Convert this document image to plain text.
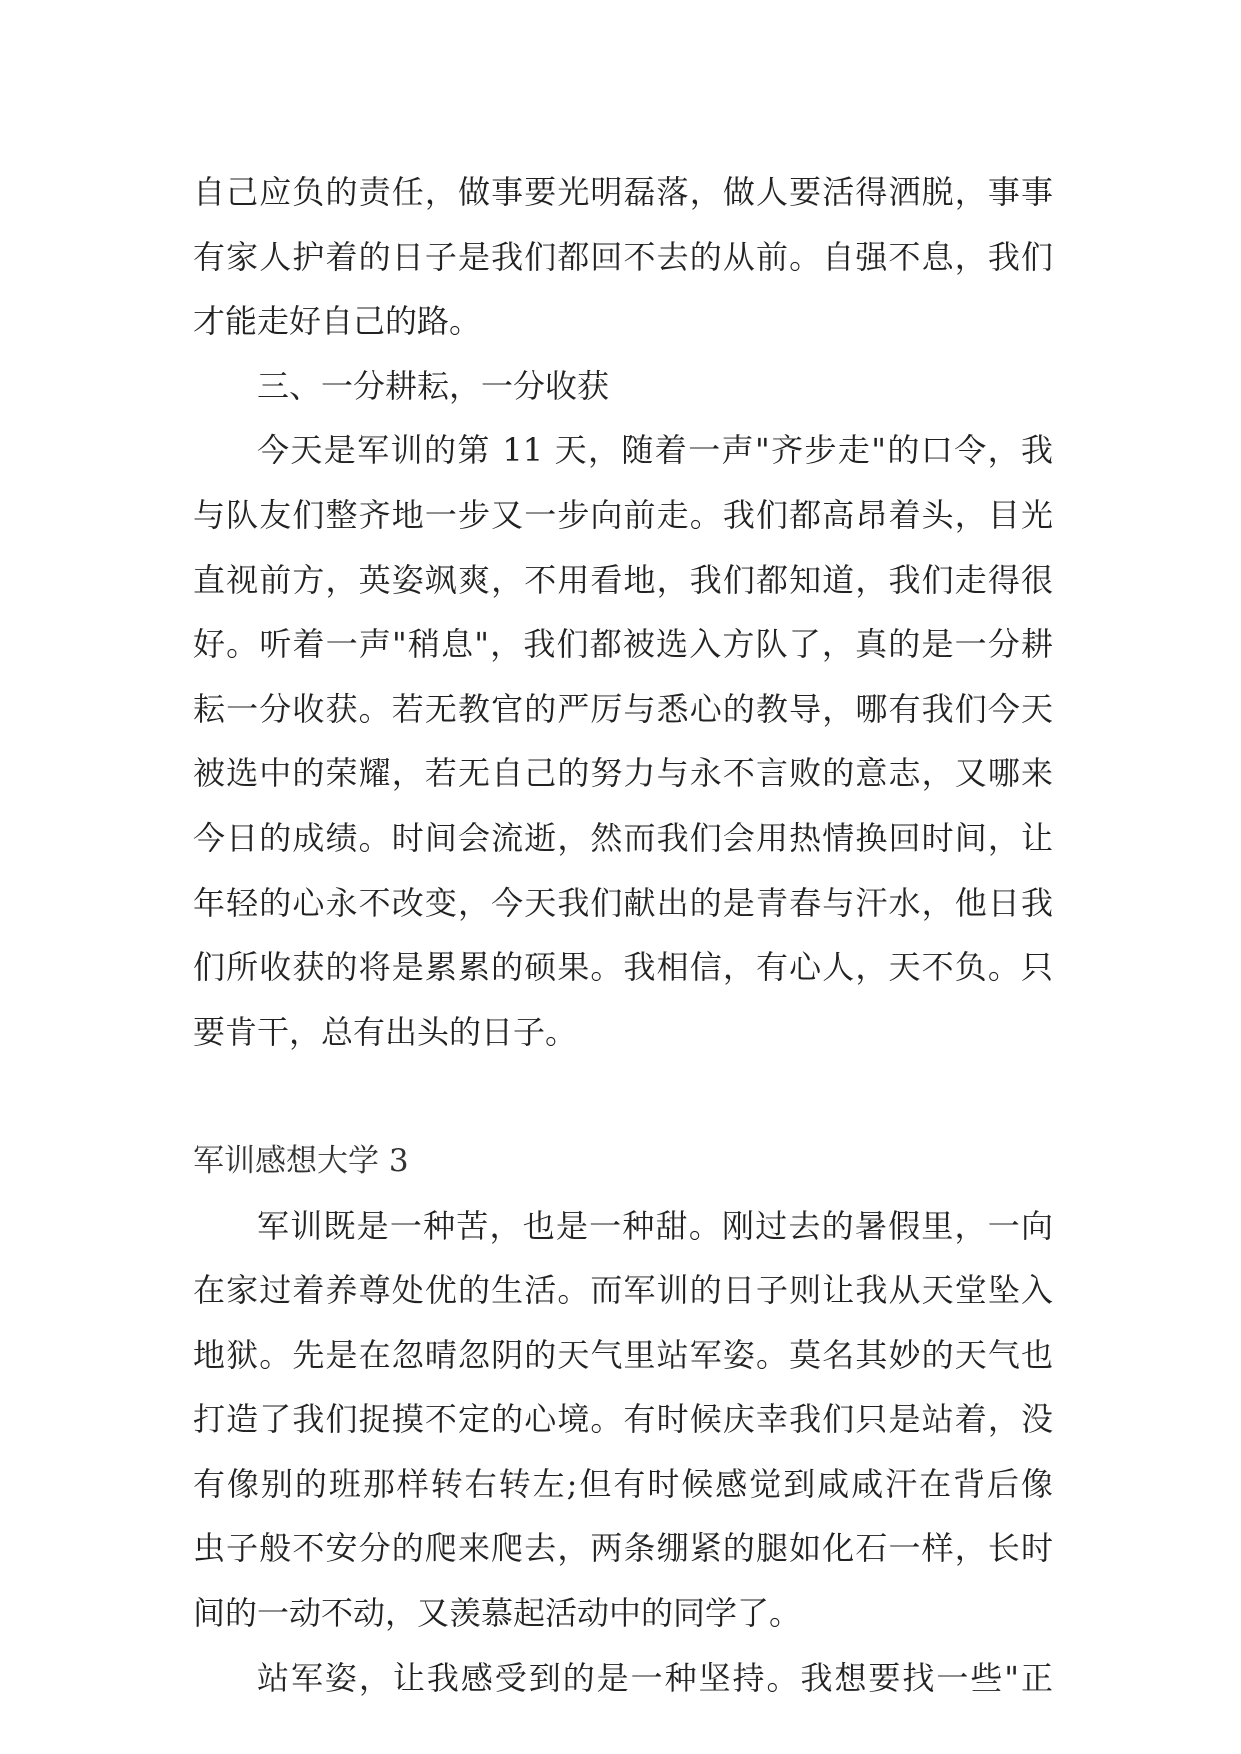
自己应负的责任，做事要光明磊落，做人要活得洒脱，事事
有家人护着的日子是我们都回不去的从前。自强不息，我们
才能走好自己的路。
三、一分耕耘，一分收获
今天是军训的第 11 天，随着一声"齐步走"的口令，我
与队友们整齐地一步又一步向前走。我们都高昂着头，目光
直视前方，英姿飒爽，不用看地，我们都知道，我们走得很
好。听着一声"稍息"，我们都被选入方队了，真的是一分耕
耘一分收获。若无教官的严厉与悉心的教导，哪有我们今天
被选中的荣耀，若无自己的努力与永不言败的意志，又哪来
今日的成绩。时间会流逝，然而我们会用热情换回时间，让
年轻的心永不改变，今天我们献出的是青春与汗水，他日我
们所收获的将是累累的硕果。我相信，有心人，天不负。只
要肯干，总有出头的日子。
军训感想大学 3
军训既是一种苦，也是一种甜。刚过去的暑假里，一向
在家过着养尊处优的生活。而军训的日子则让我从天堂坠入
地狱。先是在忽晴忽阴的天气里站军姿。莫名其妙的天气也
打造了我们捉摸不定的心境。有时候庆幸我们只是站着，没
有像别的班那样转右转左;但有时候感觉到咸咸汗在背后像
虫子般不安分的爬来爬去，两条绷紧的腿如化石一样，长时
间的一动不动，又羡慕起活动中的同学了。
站军姿，让我感受到的是一种坚持。我想要找一些"正
